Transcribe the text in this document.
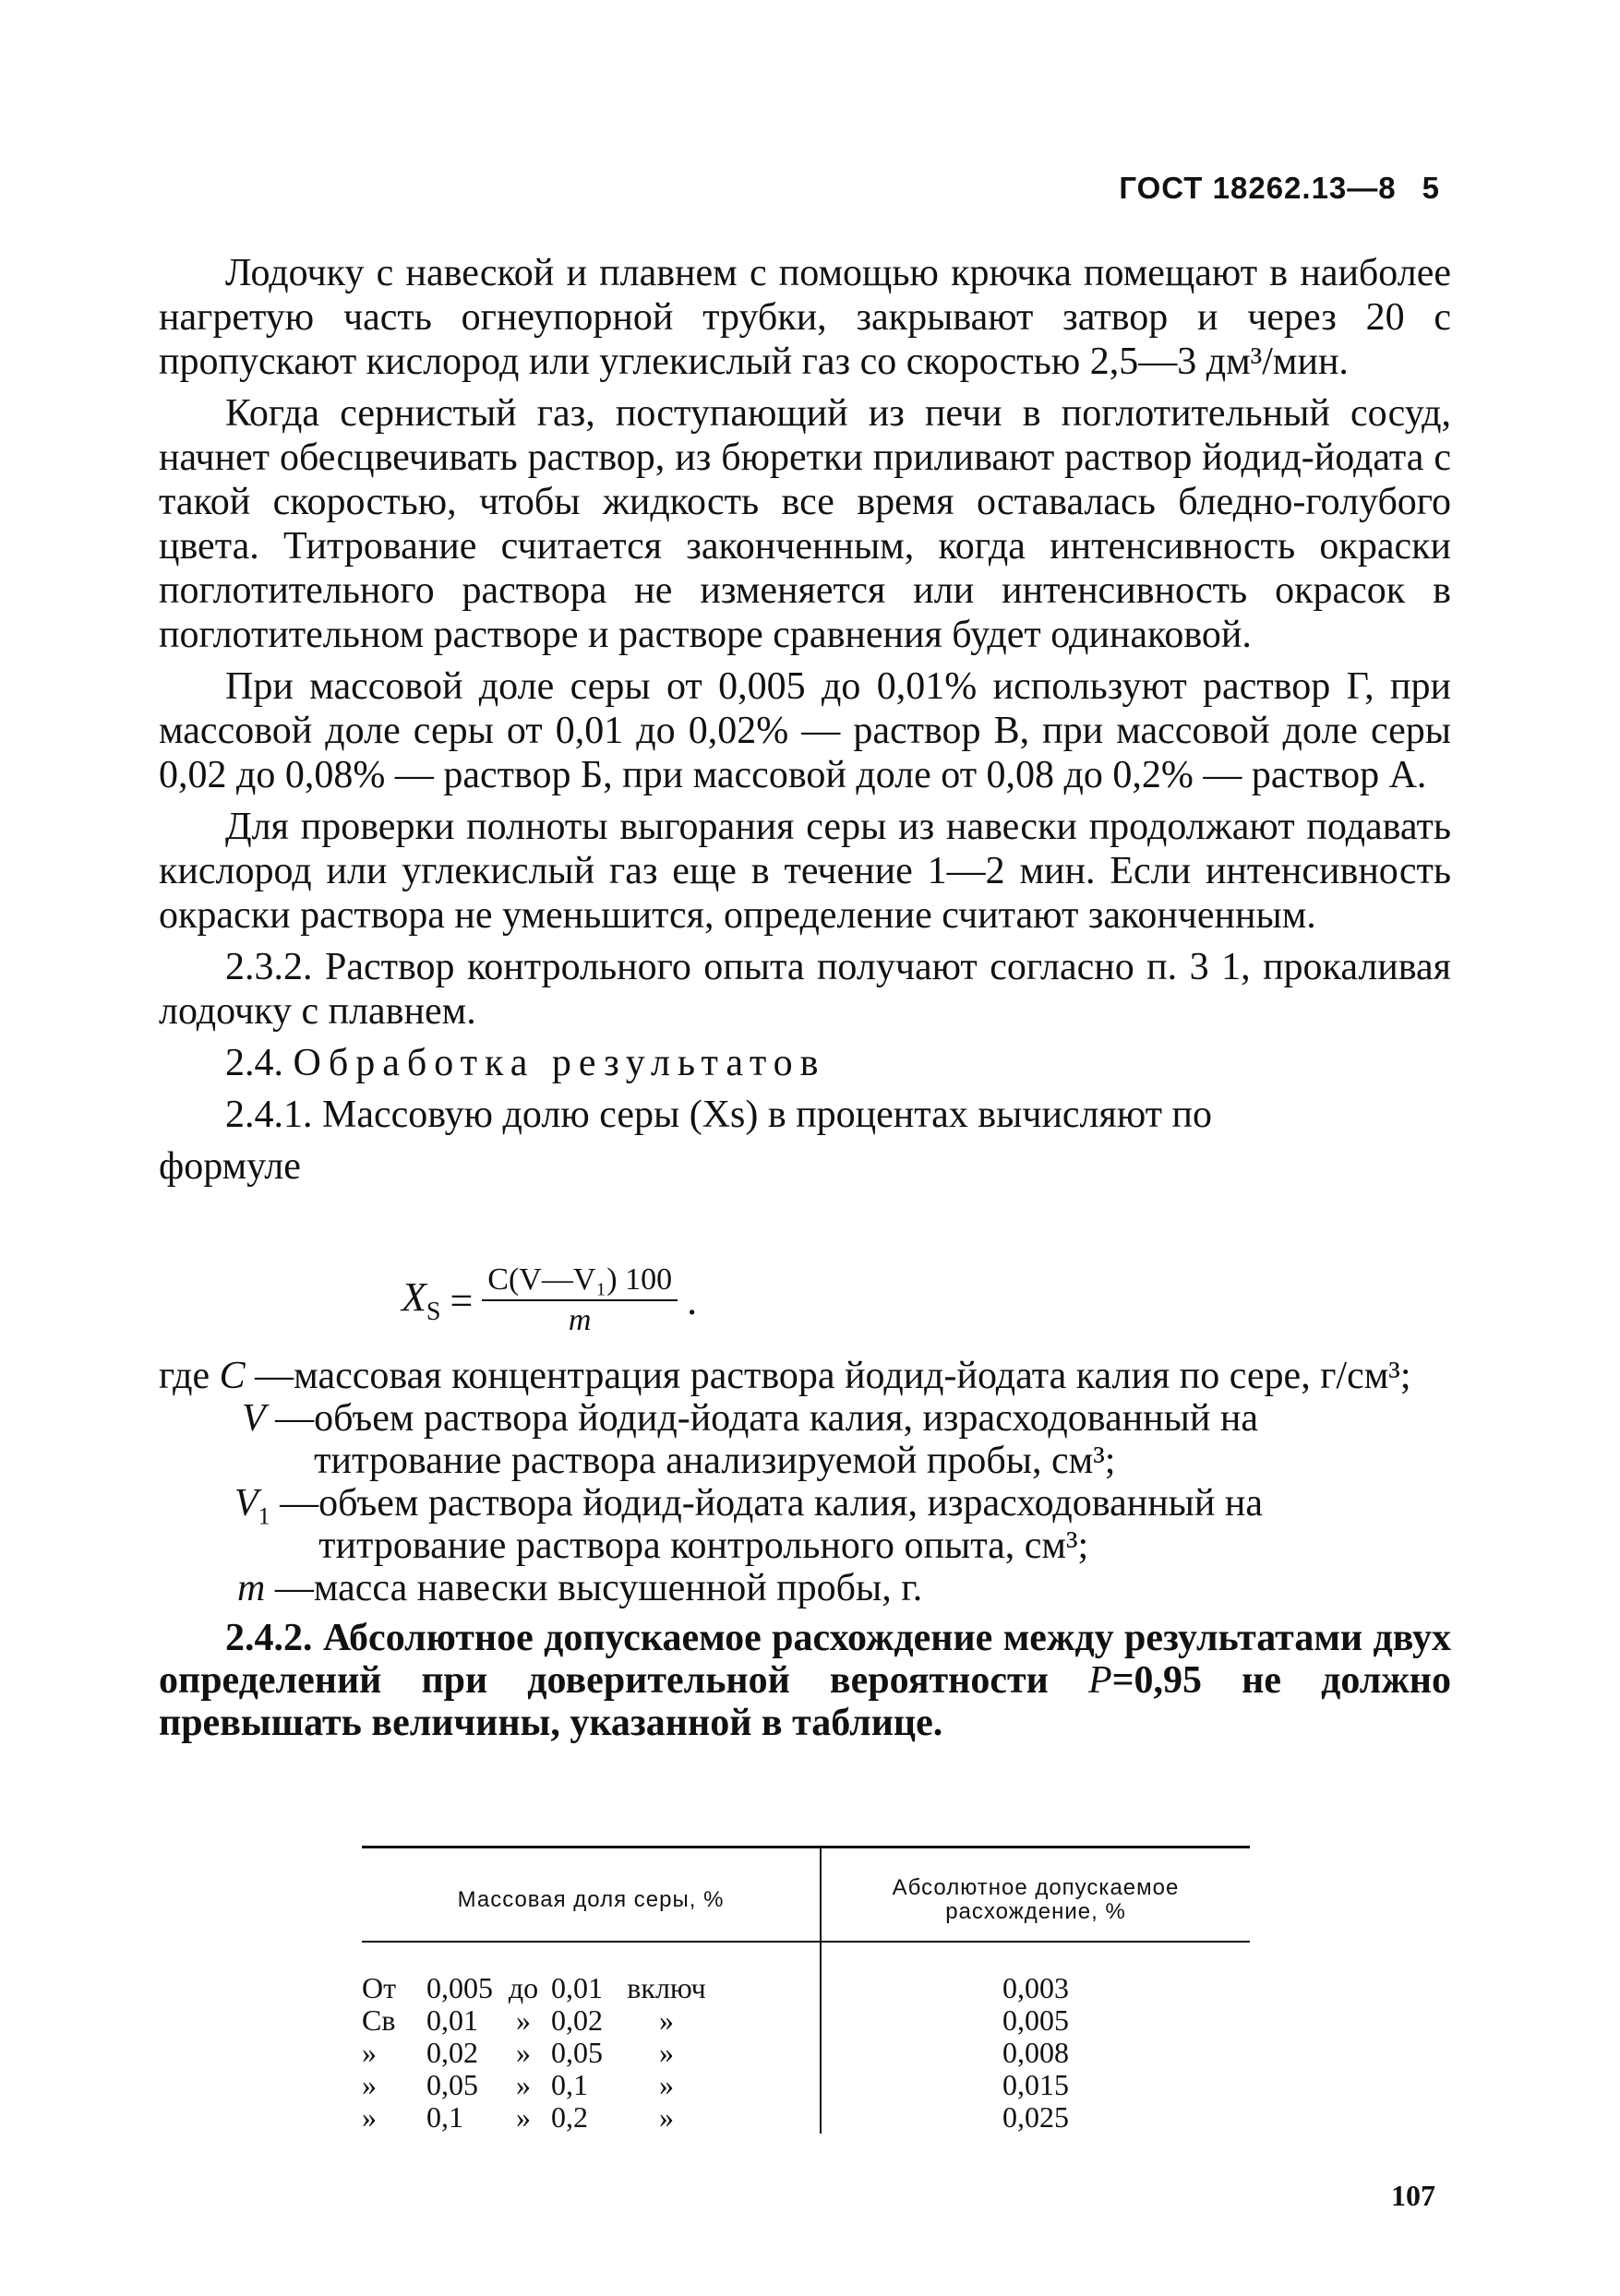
ГОСТ 18262.13—8 5

Лодочку с навеской и плавнем с помощью крючка помещают в наиболее нагретую часть огнеупорной трубки, закрывают затвор и через 20 с пропускают кислород или углекислый газ со скоростью 2,5—3 дм³/мин.

Когда сернистый газ, поступающий из печи в поглотительный сосуд, начнет обесцвечивать раствор, из бюретки приливают раствор йодид-йодата с такой скоростью, чтобы жидкость все время оставалась бледно-голубого цвета. Титрование считается законченным, когда интенсивность окраски поглотительного раствора не изменяется или интенсивность окрасок в поглотительном растворе и растворе сравнения будет одинаковой.

При массовой доле серы от 0,005 до 0,01% используют раствор Г, при массовой доле серы от 0,01 до 0,02% — раствор В, при массовой доле серы 0,02 до 0,08% — раствор Б, при массовой доле от 0,08 до 0,2% — раствор А.

Для проверки полноты выгорания серы из навески продолжают подавать кислород или углекислый газ еще в течение 1—2 мин. Если интенсивность окраски раствора не уменьшится, определение считают законченным.

2.3.2. Раствор контрольного опыта получают согласно п. 3 1, прокаливая лодочку с плавнем.

2.4. Обработка результатов

2.4.1. Массовую долю серы (Xs) в процентах вычисляют по

формуле

$X_S = \frac{\text{C(V—V₁) 100}}{m}$ .
где C — массовая концентрация раствора йодид-йодата калия по сере, г/см³;
V — объем раствора йодид-йодата калия, израсходованный на титрование раствора анализируемой пробы, см³;
$V_1$ — объем раствора йодид-йодата калия, израсходованный на титрование раствора контрольного опыта, см³;
m — масса навески высушенной пробы, г.

2.4.2. Абсолютное допускаемое расхождение между результатами двух определений при доверительной вероятности P=0,95 не должно превышать величины, указанной в таблице.

Массовая доля серы, %	Абсолютное допускаемое расхождение, %

От 0,005 до 0,01 включ	0,003

Св 0,01 » 0,02 »	0,005

» 0,02 » 0,05 »	0,008

» 0,05 » 0,1 »	0,015

» 0,1 » 0,2 »	0,025
107
